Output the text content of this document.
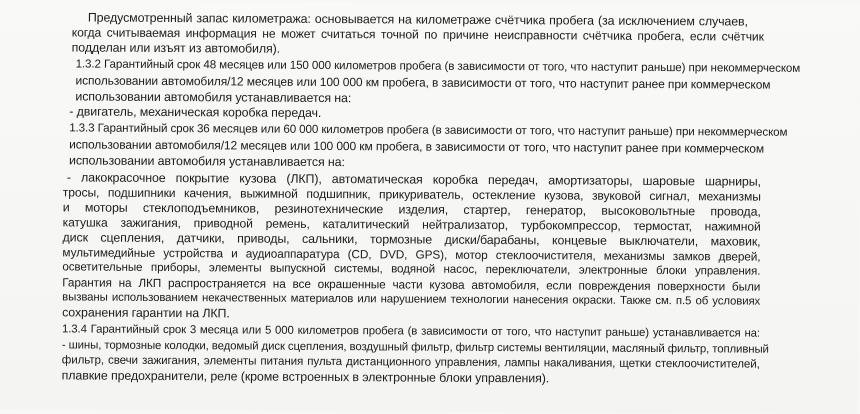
Предусмотренный запас километража: основывается на километраже счётчика пробега (за исключением случаев,
когда считываемая информация не может считаться точной по причине неисправности счётчика пробега, если счётчик
подделан или изъят из автомобиля).
1.3.2 Гарантийный срок 48 месяцев или 150 000 километров пробега (в зависимости от того, что наступит раньше) при некоммерческом
использовании автомобиля/12 месяцев или 100 000 км пробега, в зависимости от того, что наступит ранее при коммерческом
использовании автомобиля устанавливается на:
- двигатель, механическая коробка передач.
1.3.3 Гарантийный срок 36 месяцев или 60 000 километров пробега (в зависимости от того, что наступит раньше) при некоммерческом
использовании автомобиля/12 месяцев или 100 000 км пробега, в зависимости от того, что наступит ранее при коммерческом
использовании автомобиля устанавливается на:
- лакокрасочное покрытие кузова (ЛКП), автоматическая коробка передач, амортизаторы, шаровые шарниры,
тросы, подшипники качения, выжимной подшипник, прикуриватель, остекление кузова, звуковой сигнал, механизмы
и моторы стеклоподъемников, резинотехнические изделия, стартер, генератор, высоковольтные провода,
катушка зажигания, приводной ремень, каталитический нейтрализатор, турбокомпрессор, термостат, нажимной
диск сцепления, датчики, приводы, сальники, тормозные диски/барабаны, концевые выключатели, маховик,
мультимедийные устройства и аудиоаппаратура (CD, DVD, GPS), мотор стеклоочистителя, механизмы замков дверей,
осветительные приборы, элементы выпускной системы, водяной насос, переключатели, электронные блоки управления.
Гарантия на ЛКП распространяется на все окрашенные части кузова автомобиля, если повреждения поверхности были
вызваны использованием некачественных материалов или нарушением технологии нанесения окраски. Также см. п.5 об условиях
сохранения гарантии на ЛКП.
1.3.4 Гарантийный срок 3 месяца или 5 000 километров пробега (в зависимости от того, что наступит раньше) устанавливается на:
- шины, тормозные колодки, ведомый диск сцепления, воздушный фильтр, фильтр системы вентиляции, масляный фильтр, топливный
фильтр, свечи зажигания, элементы питания пульта дистанционного управления, лампы накаливания, щетки стеклоочистителей,
плавкие предохранители, реле (кроме встроенных в электронные блоки управления).
